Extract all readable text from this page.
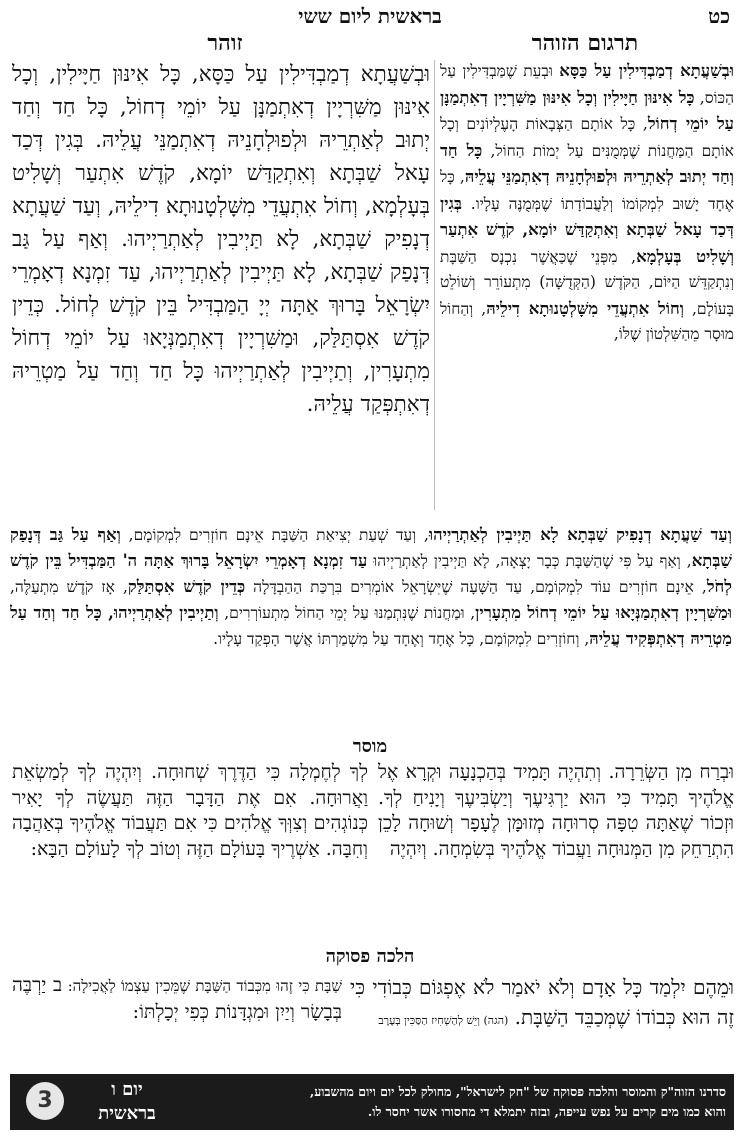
כט
בראשית ליום ששי
תרגום הזוהר
זוהר
וּבְשַׁעֲתָא דְמַבְדִּילִין עַל כַּסָּא, כָּל אִינּוּן חַיָּילִין, וְכָל אִינּוּן מַשִּׁרְיָין דְאִתְמַנָּן עַל יוֹמֵי דְחוֹל, כָּל חַד וְחַד יְתוּב לְאַתְרֵיהּ וּלְפוּלְחָנֵיהּ דְאִתְמַנֵּי עֲלֵיהּ. בְּגִין דְּכַד עָאל שַׁבְּתָא וְאִתְקַדַּשׁ יוֹמָא, קֹדֶשׁ אִתְעַר וְשָׁלִיט בְּעָלְמָא, וְחוֹל אִתְעֲדֵי מִשָּׁלְטָנוּתָא דִילֵיהּ, וְעַד שַׁעֲתָא דְנָפִיק שַׁבְּתָא, לָא תַּיְיבִין לְאַתְרַיְיהוּ. וְאַף עַל גַּב דְּנָפַק שַׁבְּתָא, לָא תַּיְיבִין לְאַתְרַיְיהוּ, עַד זִמְנָא דְאָמְרֵי יִשְׂרָאֵל בָּרוּךְ אַתָּה יְיָ הַמַּבְדִּיל בֵּין קֹדֶשׁ לְחוֹל. כְּדֵין קֹדֶשׁ אִסְתַּלַּק, וּמַשִּׁרְיָין דְאִתְמַנְּיָאוּ עַל יוֹמֵי דְחוֹל מִתְעָרִין, וְתַיְיבִין לְאַתְרַיְיהוּ כָּל חַד וְחַד עַל מַטְרֵיהּ דְאִתְפְּקַד עֲלֵיהּ.
וּבְשַׁעֲתָא דְמַבְדִּילִין עַל כַּסָּא וּבְעֵת שֶׁמַּבְדִּילִין עַל הַכּוֹס, כָּל אִינּוּן חַיָּילִין וְכָל אִינּוּן מַשִּׁרְיָין דְאִתְמַנָּן עַל יוֹמֵי דְחוֹל, כָּל אוֹתָם הַצְּבָאוֹת הָעֶלְיוֹנִים וְכָל אוֹתָם הַמַּחֲנוֹת שֶׁמְּמֻנִּים עַל יְמוֹת הַחוֹל, כָּל חַד וְחַד יְתוּב לְאַתְרֵיהּ וּלְפוּלְחָנֵיהּ דְאִתְמַנֵּי עֲלֵיהּ, כָּל אֶחָד יָשׁוּב לִמְקוֹמוֹ וְלַעֲבוֹדָתוֹ שֶׁמְּמֻנֶּה עָלָיו. בְּגִין דְּכַד עָאל שַׁבְּתָא וְאִתְקַדַּשׁ יוֹמָא, קֹדֶשׁ אִתְעַר וְשָׁלִיט בְּעָלְמָא, מִפְּנֵי שֶׁכַּאֲשֶׁר נִכְנָס הַשַּׁבָּת וְנִתְקַדֵּשׁ הַיּוֹם, הַקֹּדֶשׁ (הַקְּדֻשָּׁה) מִתְעוֹרֵר וְשׁוֹלֵט בָּעוֹלָם, וְחוֹל אִתְעֲדֵי מִשָּׁלְטָנוּתָא דִילֵיהּ, וְהַחוֹל מוּסָר מֵהַשִּׁלְטוֹן שֶׁלּוֹ,
וְעַד שַׁעֲתָא דְנָפִיק שַׁבְּתָא לָא תַּיְיבִין לְאַתְרַיְיהוּ, וְעַד שְׁעַת יְצִיאַת הַשַּׁבָּת אֵינָם חוֹזְרִים לִמְקוֹמָם, וְאַף עַל גַּב דְּנָפַק שַׁבְּתָא, וְאַף עַל פִּי שֶׁהַשַּׁבָּת כְּבָר יָצְאָה, לָא תַּיְיבִין לְאַתְרַיְיהוּ עַד זִמְנָא דְאָמְרֵי יִשְׂרָאֵל בָּרוּךְ אַתָּה ה' הַמַּבְדִּיל בֵּין קֹדֶשׁ לְחֹל, אֵינָם חוֹזְרִים עוֹד לִמְקוֹמָם, עַד הַשָּׁעָה שֶׁיִּשְׂרָאֵל אוֹמְרִים בִּרְכַּת הַהַבְדָּלָה כְּדֵין קֹדֶשׁ אִסְתַּלַּק, אָז קֹדֶשׁ מִתְעַלֶּה, וּמַשִּׁרְיָין דְאִתְמַנְּיָאוּ עַל יוֹמֵי דְחוֹל מִתְעָרִין, וּמַחֲנוֹת שֶׁנִּתְמַנּוּ עַל יְמֵי הַחוֹל מִתְעוֹרְרִים, וְתַיְיבִין לְאַתְרַיְיהוּ, כָּל חַד וְחַד עַל מַטְרֵיהּ דְאִתְפְּקִיד עֲלֵיהּ, וְחוֹזְרִים לִמְקוֹמָם, כָּל אֶחָד וְאֶחָד עַל מִשְׁמַרְתּוֹ אֲשֶׁר הָפְקַד עָלָיו.
מוסר
וּבְרַח מִן הַשְּׂרֵרָה. וְתִהְיֶה תָּמִיד בְּהַכְנָעָה וּקְרָא אֶל אֱלֹהֶיךָ תָּמִיד כִּי הוּא יַרְגִּיעֶךָ וְיַשְׂבִּיעֶךָ וְיָנִיחַ לְךָ. וּזְכוֹר שֶׁאַתָּה טִפָּה סְרוּחָה מְזוּמָּן לֶעָפָר וְשׁוּחָה לָכֵן הִתְרַחֵק מִן הַמְּנוּחָה וַעֲבוֹד אֱלֹהֶיךָ בְּשִׂמְחָה. וְיִהְיֶה
לְךָ לְחֶמְלָה כִּי הַדֶּרֶךְ שְׁחוּחָה. וְיִהְיֶה לְךָ לְמַשְׂאֵת וַאֲרוּחָה. אִם אֶת הַדָּבָר הַזֶּה תַּעֲשֶׂה לְךָ יָאִיר כְּנוֹגְהִים וְצִוְּךָ אֱלֹהִים כִּי אִם תַּעֲבוֹד אֱלֹהֶיךָ בְּאַהֲבָה וְחִבָּה. אַשְׁרֶיךָ בָּעוֹלָם הַזֶּה וְטוֹב לְךָ לָעוֹלָם הַבָּא:
הלכה פסוקה
וּמֵהֶם יִלְמַד כָּל אָדָם וְלֹא יֹאמַר לֹא אֶפְגּוֹם כְּבוֹדִי כִּי זֶה הוּא כְּבוֹדוֹ שֶׁמְּכַבֵּד הַשַּׁבָּת. (הגה) וְיֵשׁ לְהַשְׁחִיז הַסַּכִּין בְּעֶרֶב
שַׁבָּת כִּי זֶהוּ מִכְּבוֹד הַשַּׁבָּת שֶׁמֵּכִין עַצְמוֹ לַאֲכִילָה: ב יַרְבֶּה בְּבָשָׂר וְיַיִן וּמִגְדָּנוֹת כְּפִי יְכָלְתּוֹ:
סדרנו הזוה"ק והמוסר והלכה פסוקה של "חק לישראל", מחולק לכל יום ויום מהשבוע,
והוא כמו מים קרים על נפש עייפה, ובזה יתמלא די מחסורו אשר יחסר לו.
יום ו
בראשית
3
